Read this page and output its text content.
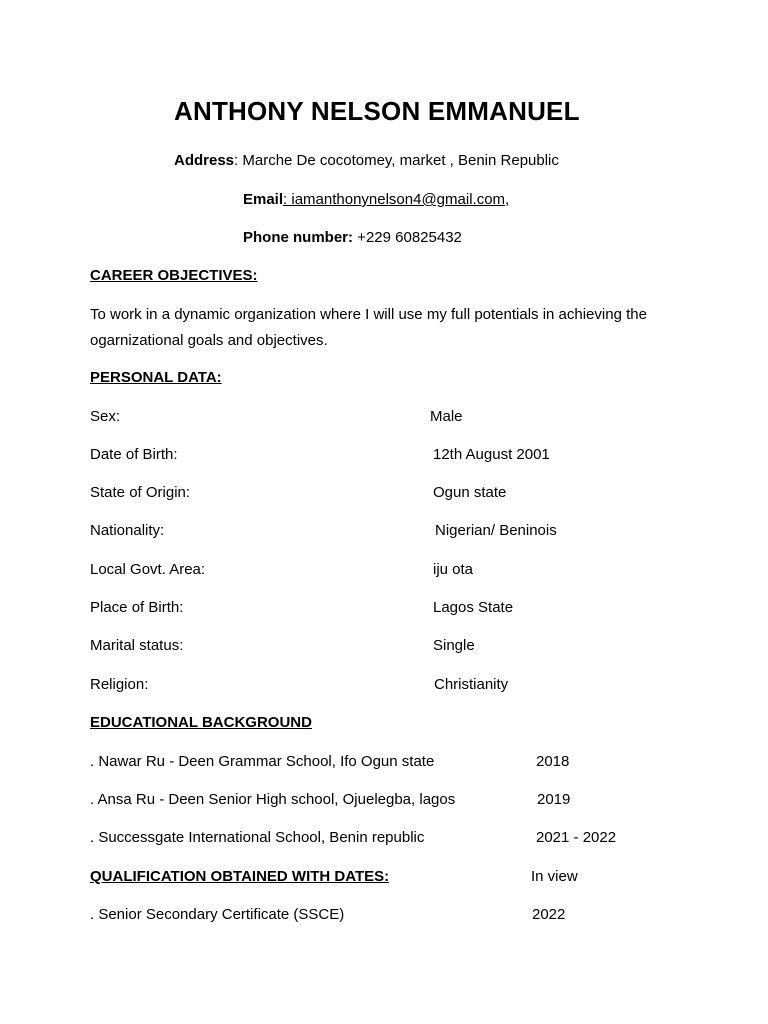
ANTHONY NELSON EMMANUEL
Address: Marche De cocotomey, market , Benin Republic
Email: iamanthonynelson4@gmail.com,
Phone number: +229 60825432
CAREER OBJECTIVES:
To work in a dynamic organization where I will use my full potentials in achieving the ogarnizational goals and objectives.
PERSONAL DATA:
Sex:	Male
Date of Birth:	12th August 2001
State of Origin:	Ogun state
Nationality:	Nigerian/ Beninois
Local Govt. Area:	iju ota
Place of Birth:	Lagos State
Marital status:	Single
Religion:	Christianity
EDUCATIONAL BACKGROUND
. Nawar Ru - Deen Grammar School, Ifo Ogun state	2018
. Ansa Ru - Deen Senior High school, Ojuelegba, lagos	2019
. Successgate International School, Benin republic	2021 - 2022
QUALIFICATION OBTAINED WITH DATES:	In view
. Senior Secondary Certificate (SSCE)	2022
